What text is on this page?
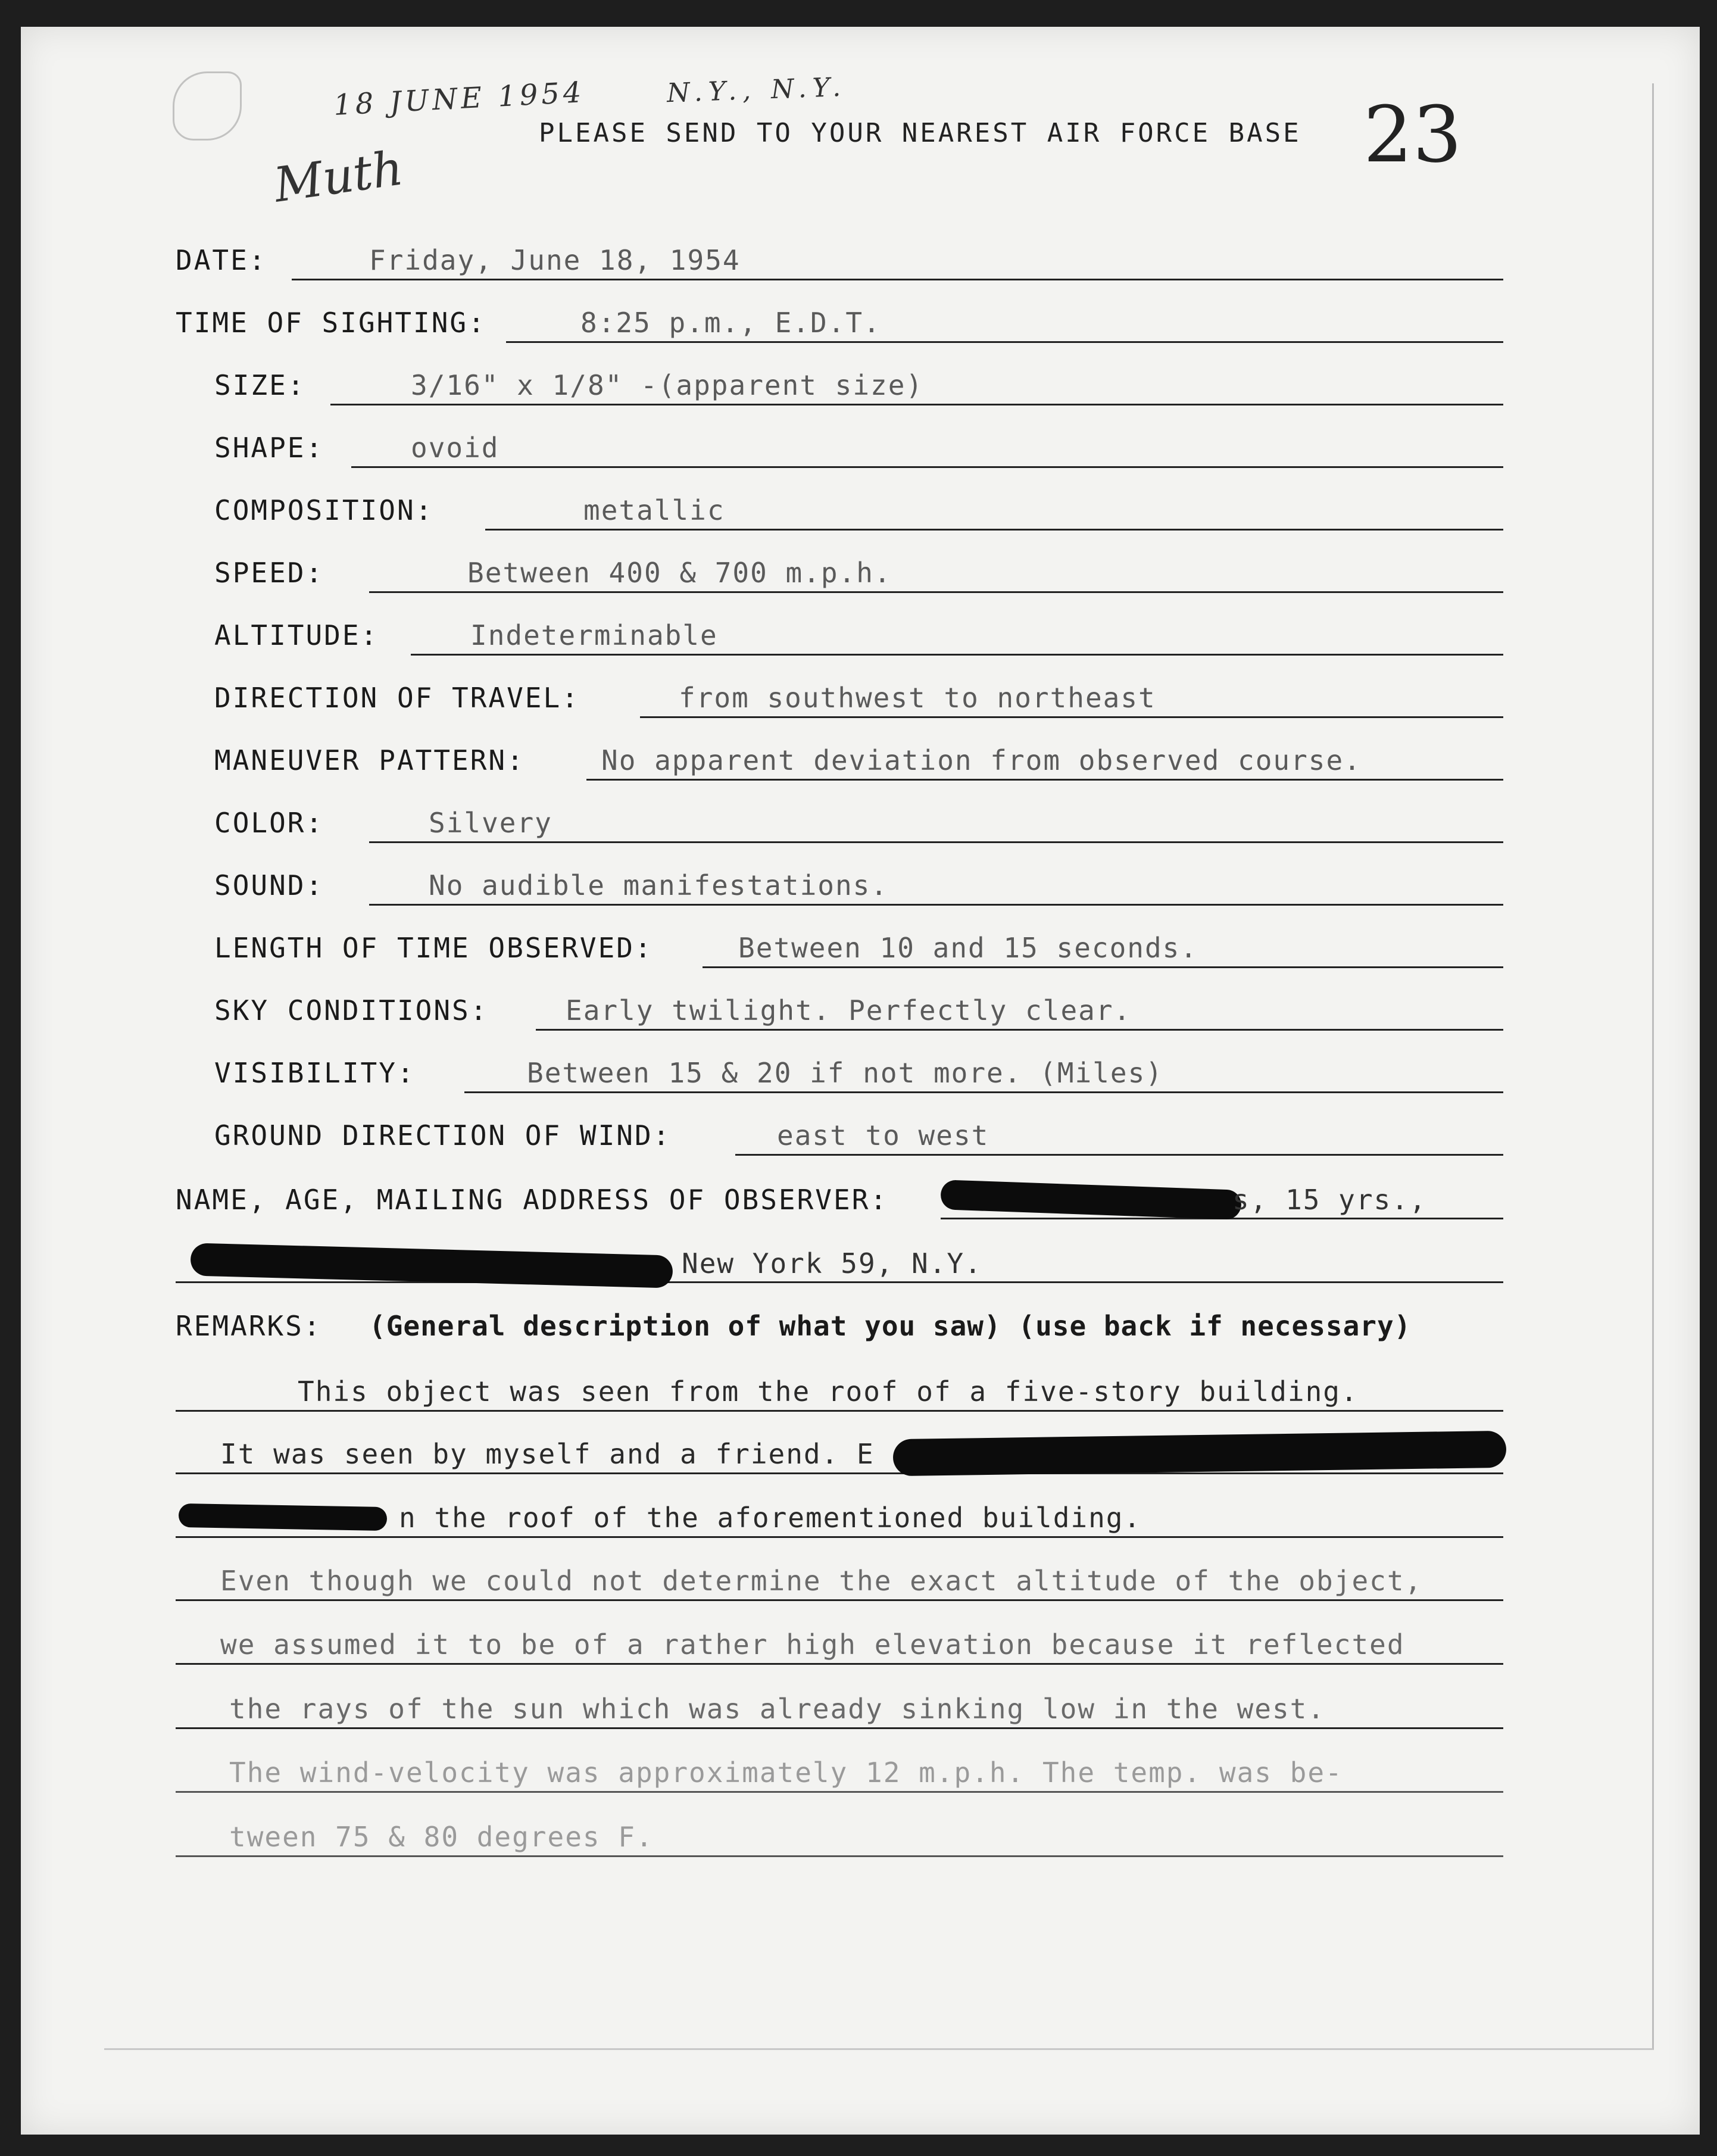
18 JUNE 1954	N.Y., N.Y.
Muth	23
PLEASE SEND TO YOUR NEAREST AIR FORCE BASE
DATE:	Friday, June 18, 1954
TIME OF SIGHTING:	8:25 p.m., E.D.T.
SIZE:	3/16" x 1/8" -(apparent size)
SHAPE:	ovoid
COMPOSITION:	metallic
SPEED:	Between 400 & 700 m.p.h.
ALTITUDE:	Indeterminable
DIRECTION OF TRAVEL:	from southwest to northeast
MANEUVER PATTERN:	No apparent deviation from observed course.
COLOR:	Silvery
SOUND:	No audible manifestations.
LENGTH OF TIME OBSERVED:	Between 10 and 15 seconds.
SKY CONDITIONS:	Early twilight. Perfectly clear.
VISIBILITY:	Between 15 & 20 if not more. (Miles)
GROUND DIRECTION OF WIND:	east to west
NAME, AGE, MAILING ADDRESS OF OBSERVER:	s, 15 yrs.,
New York 59, N.Y.
REMARKS: (General description of what you saw) (use back if necessary)
This object was seen from the roof of a five-story building.
It was seen by myself and a friend. E
n the roof of the aforementioned building.
Even though we could not determine the exact altitude of the object,
we assumed it to be of a rather high elevation because it reflected
the rays of the sun which was already sinking low in the west.
The wind-velocity was approximately 12 m.p.h. The temp. was be-
tween 75 & 80 degrees F.
